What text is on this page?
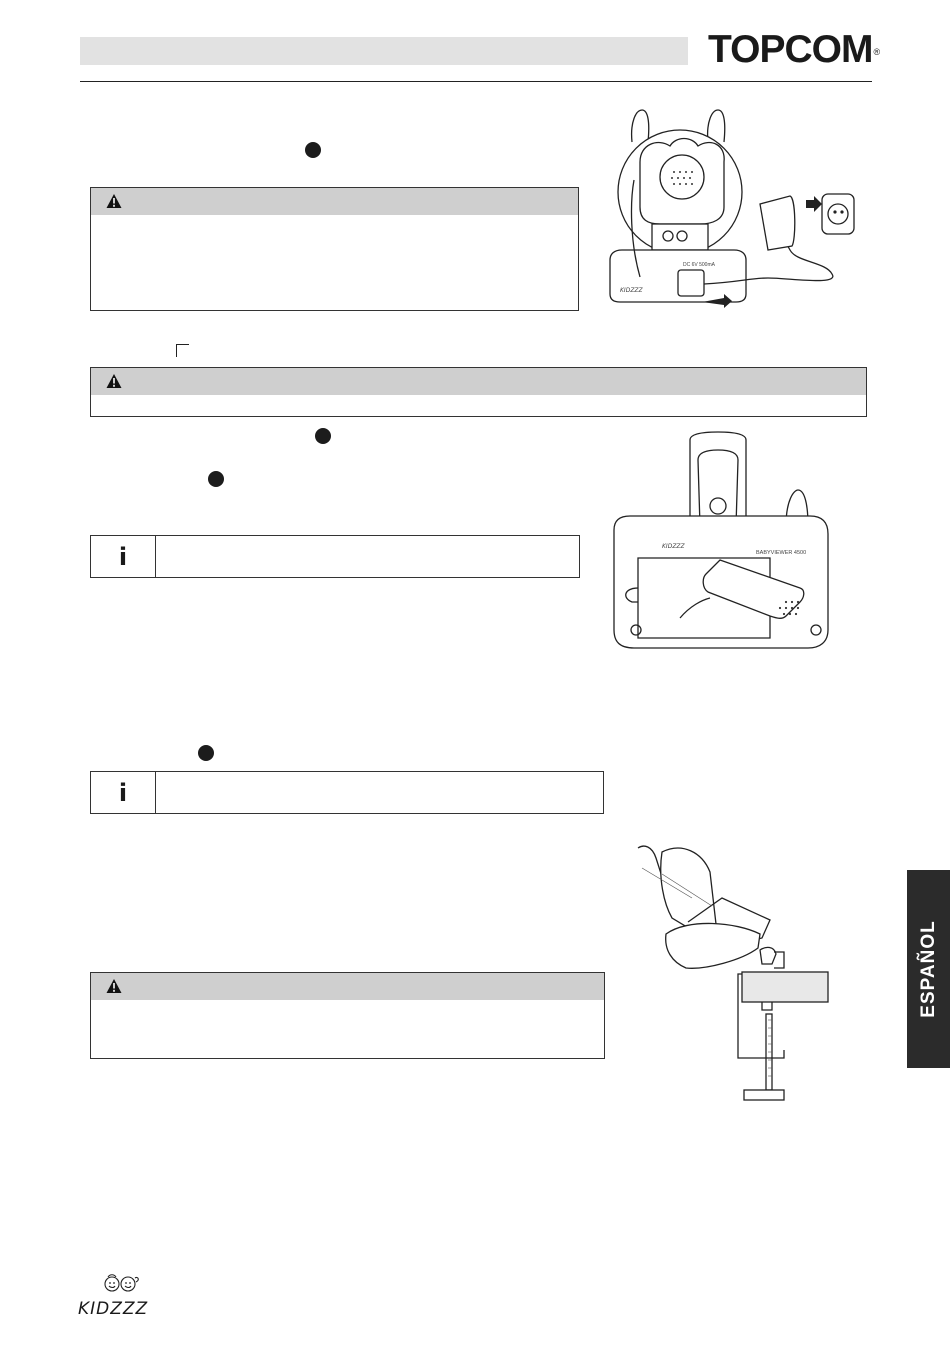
TOPCOM®
i
i
DC 6V 500mA
KIDZZZ
BABYVIEWER 4500
KIDZZZ
ESPAÑOL
KIDZZZ
